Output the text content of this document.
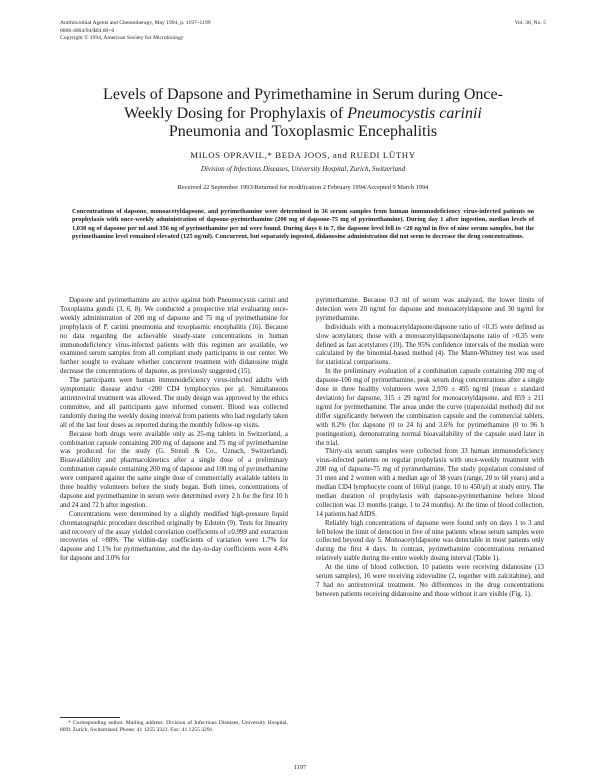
Antimicrobial Agents and Chemotherapy, May 1994, p. 1197–1199
0066-4804/94/$04.00+0
Copyright © 1994, American Society for Microbiology
Vol. 38, No. 5
Levels of Dapsone and Pyrimethamine in Serum during Once-
Weekly Dosing for Prophylaxis of Pneumocystis carinii
Pneumonia and Toxoplasmic Encephalitis
MILOS OPRAVIL,* BEDA JOOS, and RUEDI LÜTHY
Division of Infectious Diseases, University Hospital, Zurich, Switzerland
Received 22 September 1993/Returned for modification 2 February 1994/Accepted 9 March 1994
Concentrations of dapsone, monoacetyldapsone, and pyrimethamine were determined in 36 serum samples from human immunodeficiency virus-infected patients on prophylaxis with once-weekly administration of dapsone-pyrimethamine (200 mg of dapsone-75 mg of pyrimethamine). During day 1 after ingestion, median levels of 1,038 ng of dapsone per ml and 356 ng of pyrimethamine per ml were found. During days 6 to 7, the dapsone level fell to <20 ng/ml in five of nine serum samples, but the pyrimethamine level remained elevated (125 ng/ml). Concurrent, but separately ingested, didanosine administration did not seem to decrease the drug concentrations.

Dapsone and pyrimethamine are active against both Pneumocystis carinii and Toxoplasma gondii (3, 6, 8). We conducted a prospective trial evaluating once-weekly administration of 200 mg of dapsone and 75 mg of pyrimethamine for prophylaxis of P. carinii pneumonia and toxoplasmic encephalitis (16). Because no data regarding the achievable steady-state concentrations in human immunodeficiency virus-infected patients with this regimen are available, we examined serum samples from all compliant study participants in our center. We further sought to evaluate whether concurrent treatment with didanosine might decrease the concentrations of dapsone, as previously suggested (15).

The participants were human immunodeficiency virus-infected adults with symptomatic disease and/or <200 CD4 lymphocytes per μl. Simultaneous antiretroviral treatment was allowed. The study design was approved by the ethics committee, and all participants gave informed consent. Blood was collected randomly during the weekly dosing interval from patients who had regularly taken all of the last four doses as reported during the monthly follow-up visits.

Because both drugs were available only as 25-mg tablets in Switzerland, a combination capsule containing 200 mg of dapsone and 75 mg of pyrimethamine was produced for the study (G. Streuli & Co., Uznach, Switzerland). Bioavailability and pharmacokinetics after a single dose of a preliminary combination capsule containing 200 mg of dapsone and 100 mg of pyrimethamine were compared against the same single dose of commercially available tablets in three healthy volunteers before the study began. Both times, concentrations of dapsone and pyrimethamine in serum were determined every 2 h for the first 10 h and 24 and 72 h after ingestion.

Concentrations were determined by a slightly modified high-pressure liquid chromatographic procedure described originally by Edstein (9). Tests for linearity and recovery of the assay yielded correlation coefficients of ≥0.999 and extraction recoveries of >88%. The within-day coefficients of variation were 1.7% for dapsone and 1.1% for pyrimethamine, and the day-to-day coefficients were 4.4% for dapsone and 3.0% for

pyrimethamine. Because 0.3 ml of serum was analyzed, the lower limits of detection were 20 ng/ml for dapsone and monoacetyldapsone and 30 ng/ml for pyrimethamine.

Individuals with a monoacetyldapsone/dapsone ratio of <0.35 were defined as slow acetylators; those with a monoacetyldapsone/dapsone ratio of >0.35 were defined as fast acetylators (19). The 95% confidence intervals of the median were calculated by the binomial-based method (4). The Mann-Whitney test was used for statistical comparisons.

In the preliminary evaluation of a combination capsule containing 200 mg of dapsone-100 mg of pyrimethamine, peak serum drug concentrations after a single dose in three healthy volunteers were 2,970 ± 495 ng/ml (mean ± standard deviation) for dapsone, 315 ± 29 ng/ml for monoacetyldapsone, and 859 ± 211 ng/ml for pyrimethamine. The areas under the curve (trapezoidal method) did not differ significantly between the combination capsule and the commercial tablets, with 8.2% (for dapsone (0 to 24 h) and 3.6% for pyrimethamine (0 to 96 h postingestion), demonstrating normal bioavailability of the capsule used later in the trial.

Thirty-six serum samples were collected from 33 human immunodeficiency virus-infected patients on regular prophylaxis with once-weekly treatment with 200 mg of dapsone-75 mg of pyrimethamine. The study population consisted of 31 men and 2 women with a median age of 38 years (range, 20 to 68 years) and a median CD4 lymphocyte count of 160/μl (range, 10 to 450/μl) at study entry. The median duration of prophylaxis with dapsone-pyrimethamine before blood collection was 13 months (range, 1 to 24 months). At the time of blood collection, 14 patients had AIDS.

Reliably high concentrations of dapsone were found only on days 1 to 3 and fell below the limit of detection in five of nine patients whose serum samples were collected beyond day 5. Monoacetyldapsone was detectable in most patients only during the first 4 days. In contrast, pyrimethamine concentrations remained relatively stable during the entire weekly dosing interval (Table 1).

At the time of blood collection, 10 patients were receiving didanosine (13 serum samples), 16 were receiving zidovudine (2, together with zalcitabine), and 7 had no antiretroviral treatment. No differences in the drug concentrations between patients receiving didanosine and those without it are visible (Fig. 1).

* Corresponding author. Mailing address: Division of Infectious Diseases, University Hospital, 8091 Zurich, Switzerland. Phone: 41 1255 3322. Fax: 41 1255 3291.

1197
